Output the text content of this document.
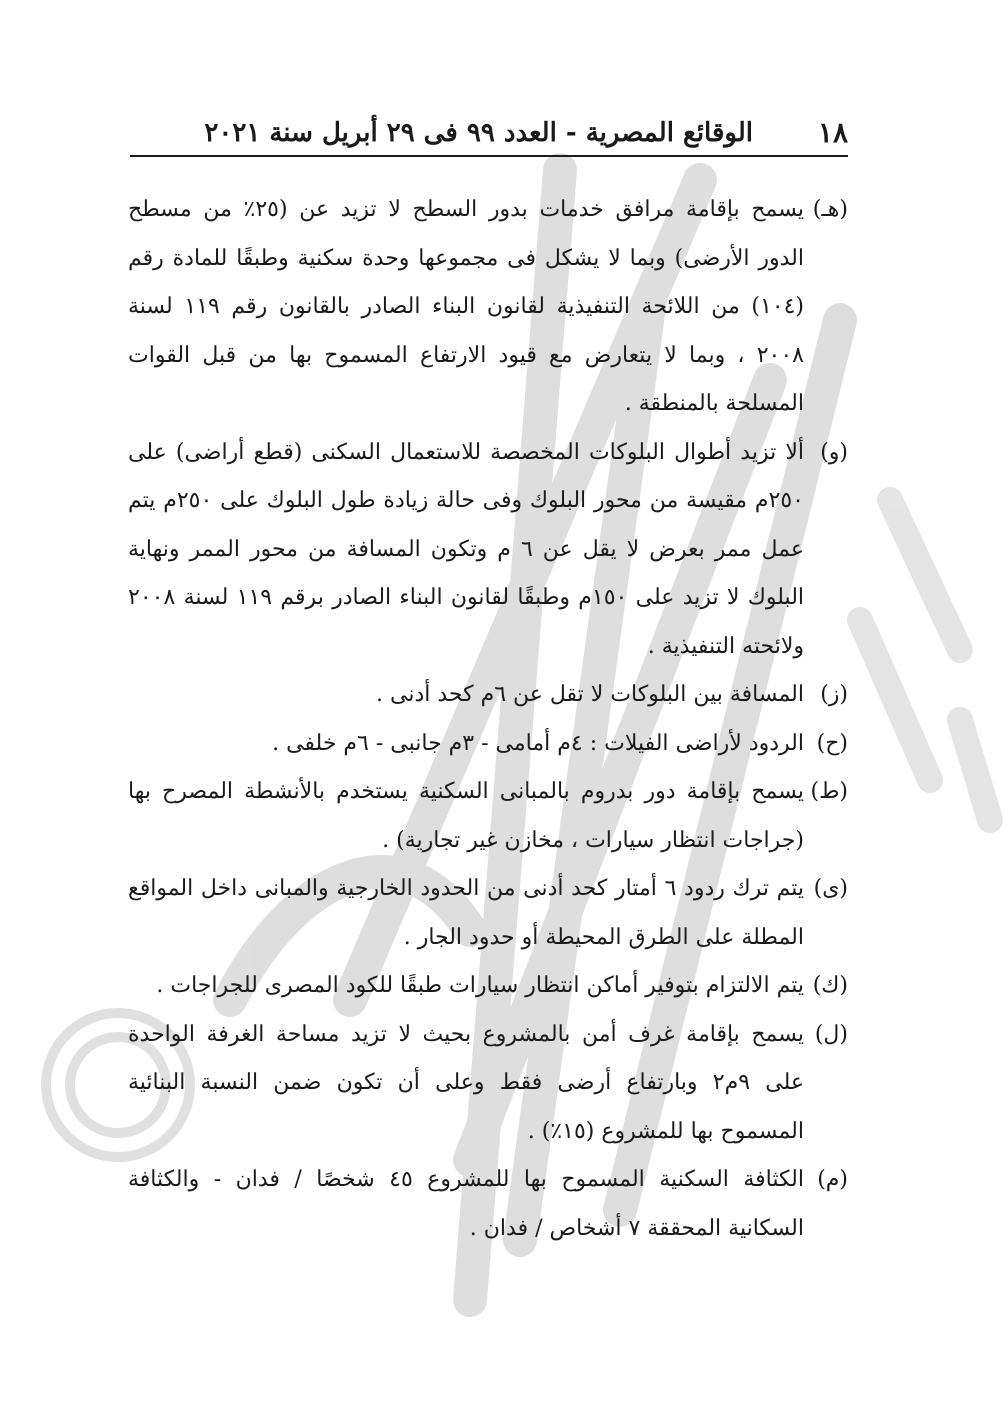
١٨
الوقائع المصرية - العدد ٩٩ فى ٢٩ أبريل سنة ٢٠٢١
(هـ)
يسمح بإقامة مرافق خدمات بدور السطح لا تزيد عن (٢٥٪ من مسطح الدور الأرضى) وبما لا يشكل فى مجموعها وحدة سكنية وطبقًا للمادة رقم (١٠٤) من اللائحة التنفيذية لقانون البناء الصادر بالقانون رقم ١١٩ لسنة ٢٠٠٨ ، وبما لا يتعارض مع قيود الارتفاع المسموح بها من قبل القوات المسلحة بالمنطقة .
(و)
ألا تزيد أطوال البلوكات المخصصة للاستعمال السكنى (قطع أراضى) على ٢٥٠م مقيسة من محور البلوك وفى حالة زيادة طول البلوك على ٢٥٠م يتم عمل ممر بعرض لا يقل عن ٦ م وتكون المسافة من محور الممر ونهاية البلوك لا تزيد على ١٥٠م وطبقًا لقانون البناء الصادر برقم ١١٩ لسنة ٢٠٠٨ ولائحته التنفيذية .
(ز)
المسافة بين البلوكات لا تقل عن ٦م كحد أدنى .
(ح)
الردود لأراضى الفيلات : ٤م أمامى - ٣م جانبى - ٦م خلفى .
(ط)
يسمح بإقامة دور بدروم بالمبانى السكنية يستخدم بالأنشطة المصرح بها (جراجات انتظار سيارات ، مخازن غير تجارية) .
(ى)
يتم ترك ردود ٦ أمتار كحد أدنى من الحدود الخارجية والمبانى داخل المواقع المطلة على الطرق المحيطة أو حدود الجار .
(ك)
يتم الالتزام بتوفير أماكن انتظار سيارات طبقًا للكود المصرى للجراجات .
(ل)
يسمح بإقامة غرف أمن بالمشروع بحيث لا تزيد مساحة الغرفة الواحدة على ٩م٢ وبارتفاع أرضى فقط وعلى أن تكون ضمن النسبة البنائية المسموح بها للمشروع (١٥٪) .
(م)
الكثافة السكنية المسموح بها للمشروع ٤٥ شخصًا / فدان - والكثافة السكانية المحققة ٧ أشخاص / فدان .
